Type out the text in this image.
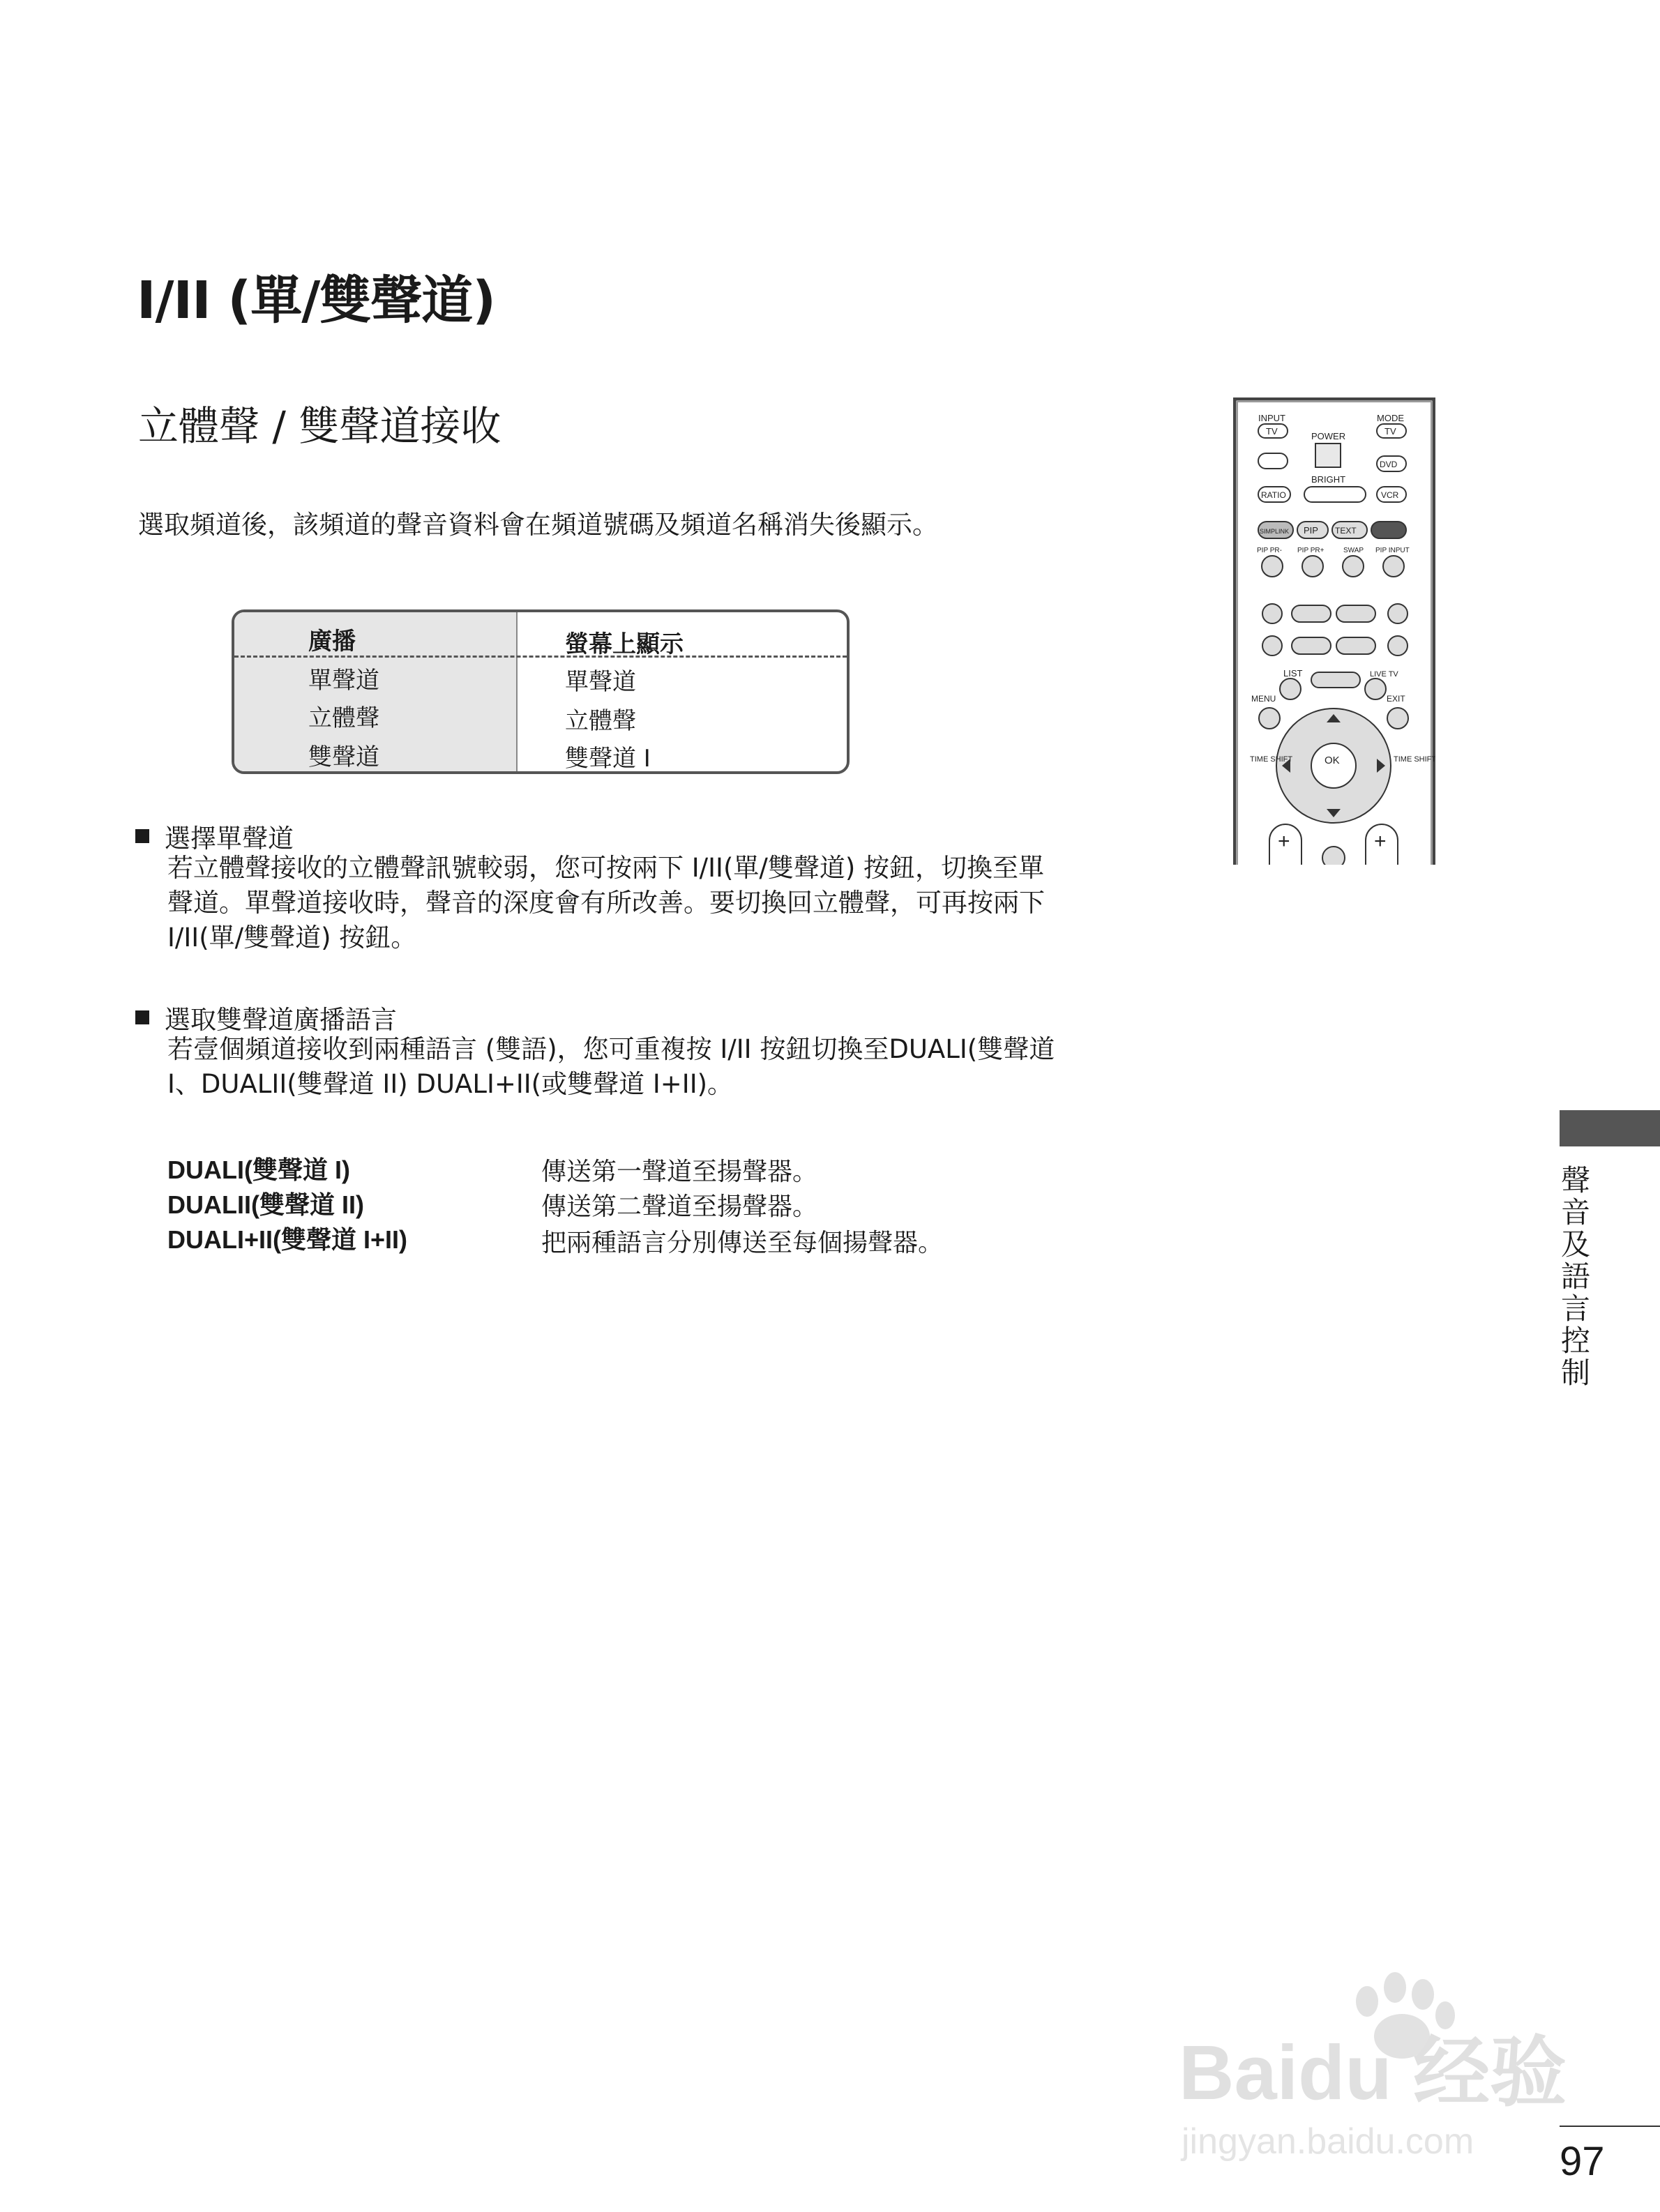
I/II (單/雙聲道)
立體聲 / 雙聲道接收
選取頻道後，該頻道的聲音資料會在頻道號碼及頻道名稱消失後顯示。
廣播	螢幕上顯示
單聲道	單聲道
立體聲	立體聲
雙聲道	雙聲道 I
選擇單聲道
若立體聲接收的立體聲訊號較弱，您可按兩下 I/II(單/雙聲道) 按鈕，切換至單
聲道。單聲道接收時，聲音的深度會有所改善。要切換回立體聲，可再按兩下
I/II(單/雙聲道) 按鈕。
選取雙聲道廣播語言
若壹個頻道接收到兩種語言 (雙語)，您可重複按 I/II 按鈕切換至DUALI(雙聲道
I、DUALII(雙聲道 II) DUALI+II(或雙聲道 I+II)。
DUALI(雙聲道 I)	傳送第一聲道至揚聲器。
DUALII(雙聲道 II)	傳送第二聲道至揚聲器。
DUALI+II(雙聲道 I+II)	把兩種語言分別傳送至每個揚聲器。
INPUT	MODE
TV	POWER	TV
DVD
BRIGHT
RATIO	VCR
SIMPLINK PIP TEXT
PIP PR- PIP PR+	SWAP PIP INPUT
LIST	LIVE TV
MENU	EXIT
OK
TIME SHIFT	TIME SHIFT
+	+
聲音及語言控制
Baidu 经验
jingyan.baidu.com 97
